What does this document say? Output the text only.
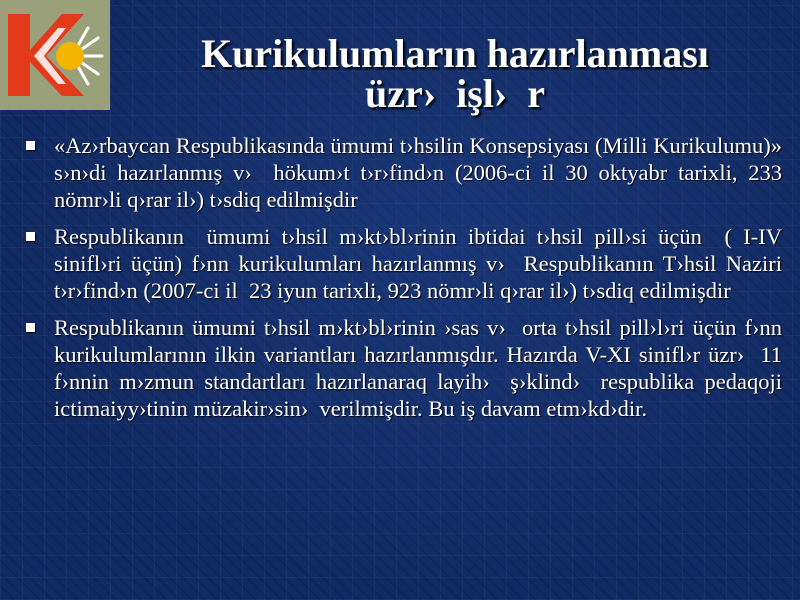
Kurikulumların hazırlanması
üzr›  işl›  r
«Az›rbaycan Respublikasında ümumi t›hsilin Konsepsiyası (Milli Kurikulumu)» s›n›di hazırlanmış v›  hökum›t t›r›find›n (2006-ci il 30 oktyabr tarixli, 233 nömr›li q›rar il›) t›sdiq edilmişdir
Respublikanın  ümumi t›hsil m›kt›bl›rinin ibtidai t›hsil pill›si üçün  ( I-IV sinifl›ri üçün) f›nn kurikulumları hazırlanmış v›  Respublikanın T›hsil Naziri t›r›find›n (2007-ci il  23 iyun tarixli, 923 nömr›li q›rar il›) t›sdiq edilmişdir
Respublikanın ümumi t›hsil m›kt›bl›rinin ›sas v›  orta t›hsil pill›l›ri üçün f›nn kurikulumlarının ilkin variantları hazırlanmışdır. Hazırda V-XI sinifl›r üzr›  11 f›nnin m›zmun standartları hazırlanaraq layih›  ş›klind›  respublika pedaqoji ictimaiyy›tinin müzakir›sin›  verilmişdir. Bu iş davam etm›kd›dir.
